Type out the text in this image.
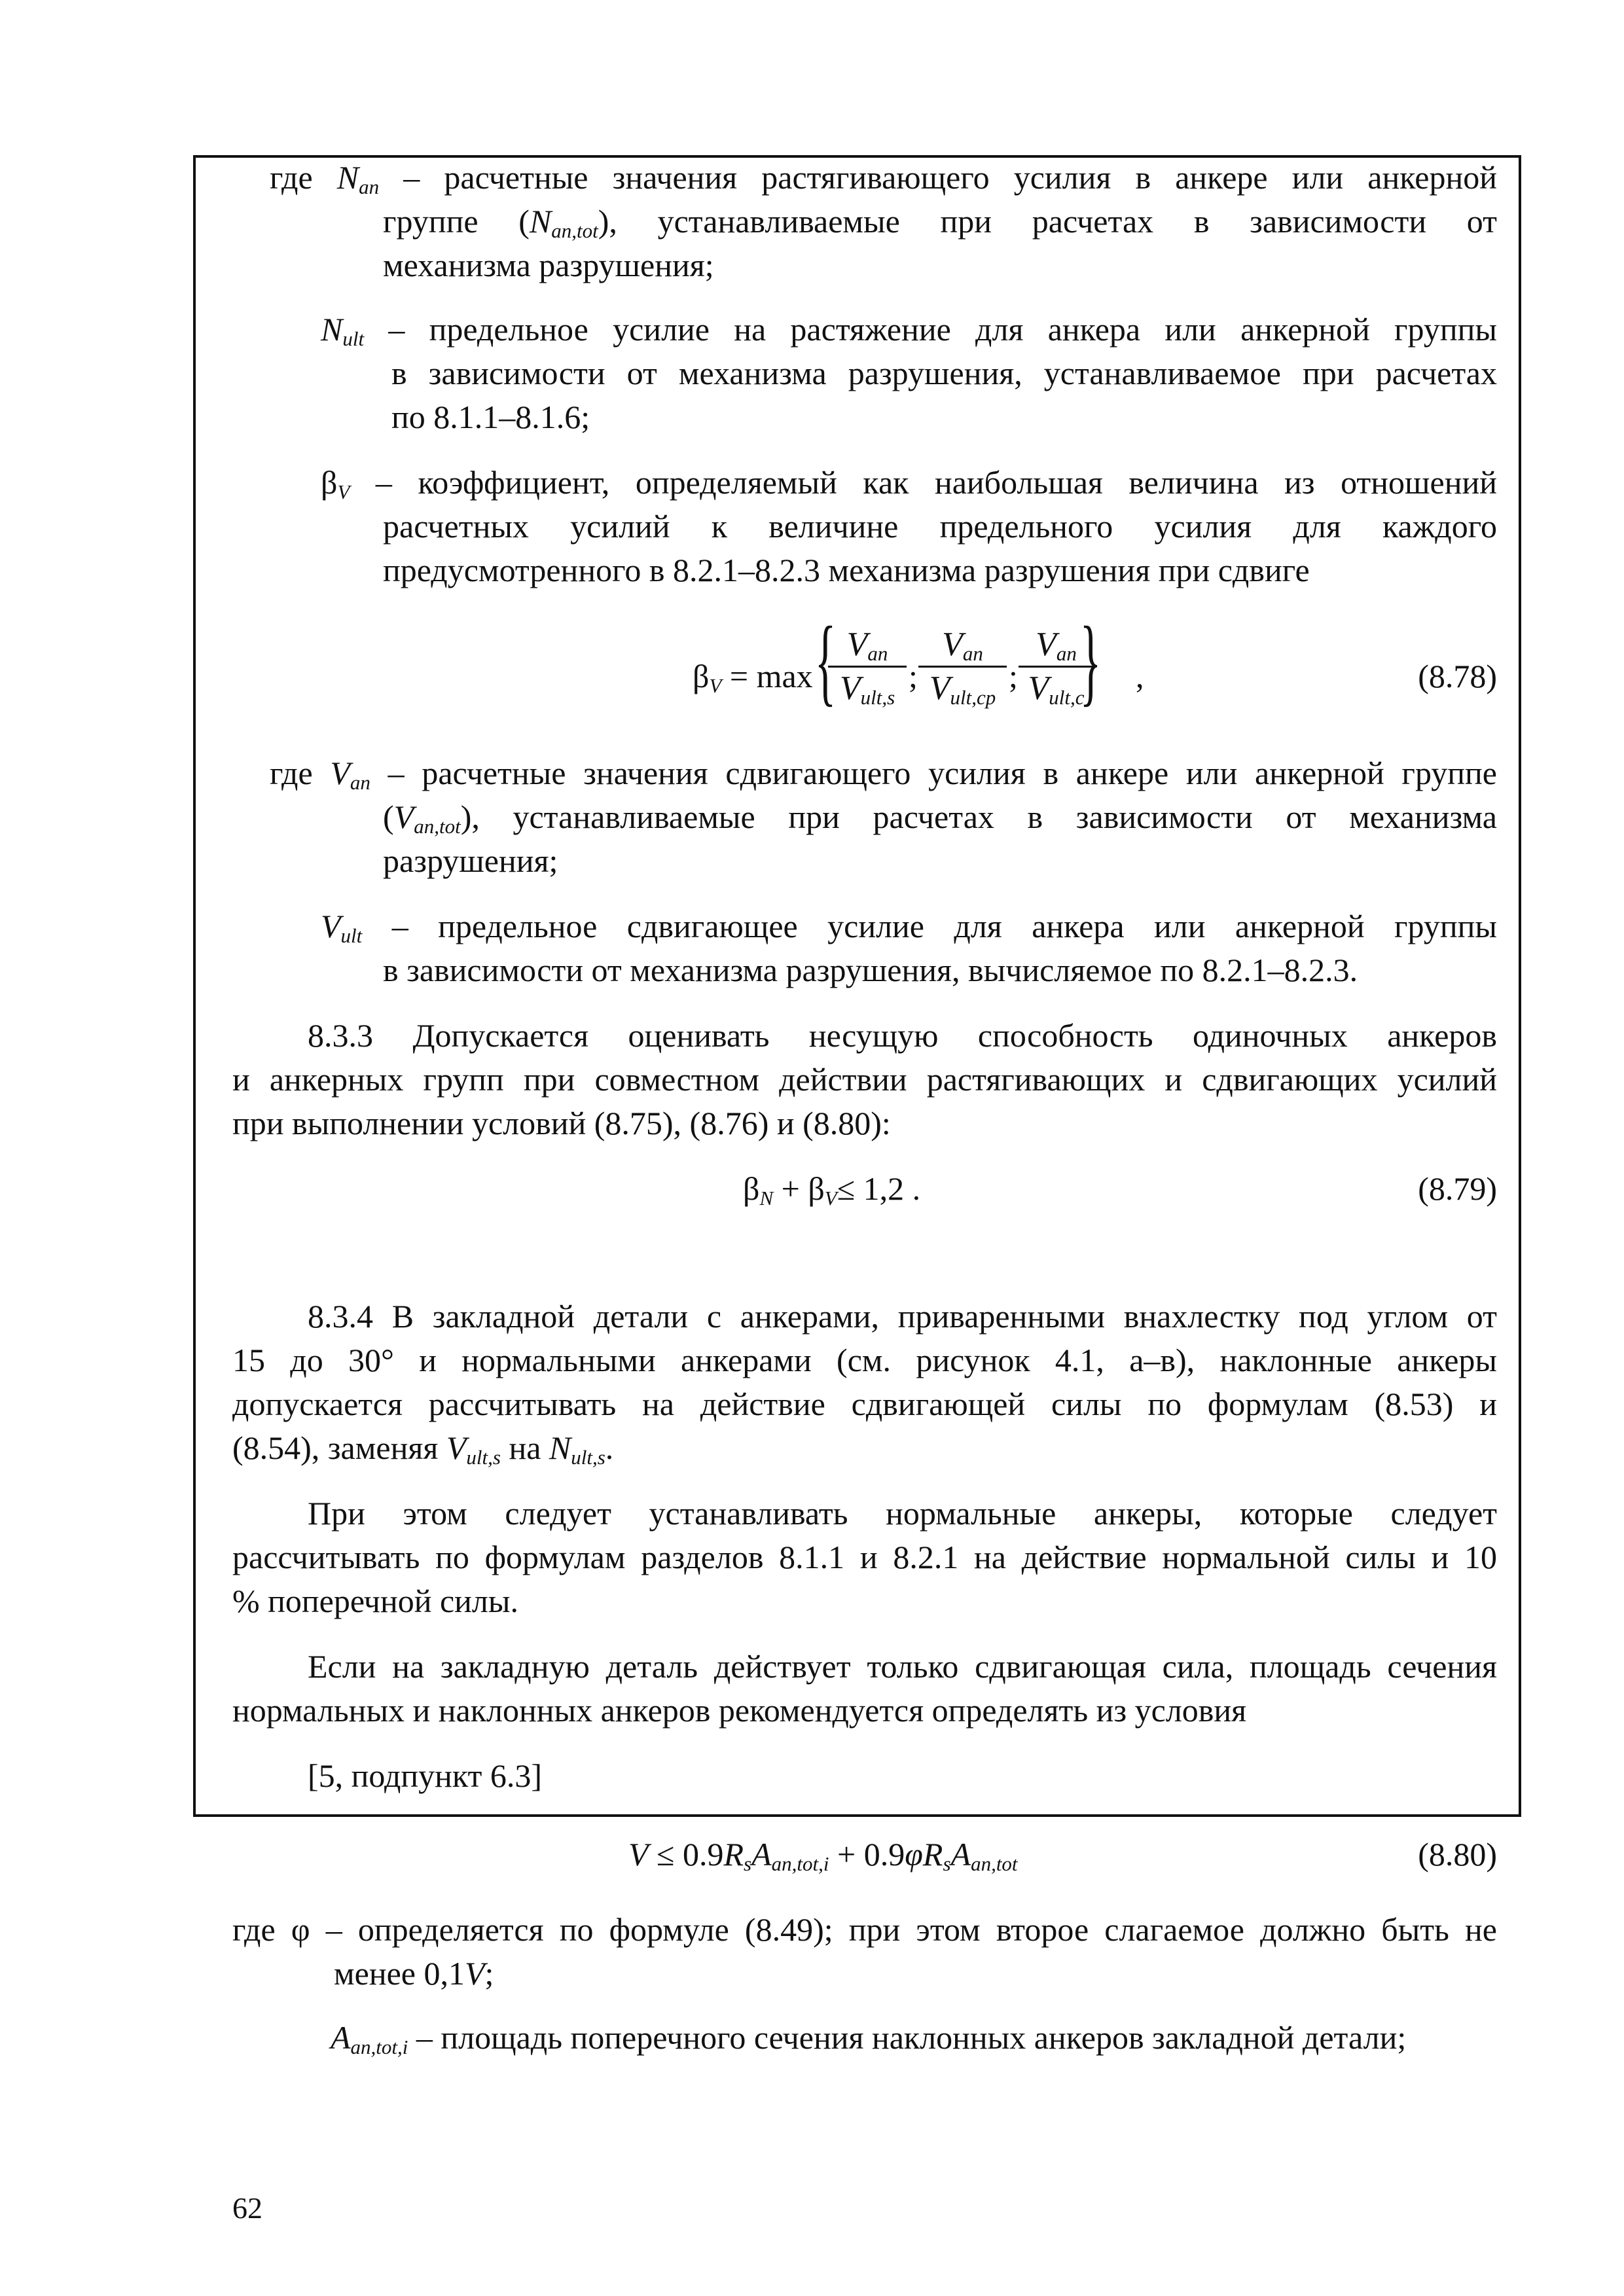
где $N_{an}$ – расчетные значения растягивающего усилия в анкере или анкерной
группе $(N_{an,tot})$, устанавливаемые при расчетах в зависимости от
механизма разрушения;
$N_{ult}$ – предельное усилие на растяжение для анкера или анкерной группы
в зависимости от механизма разрушения, устанавливаемое при расчетах
по 8.1.1–8.1.6;
$\beta_V$ – коэффициент, определяемый как наибольшая величина из отношений
расчетных усилий к величине предельного усилия для каждого
предусмотренного в 8.2.1–8.2.3 механизма разрушения при сдвиге
$\beta_V = \max$ { $V_{an}$
$V_{ult,s}$
;
$V_{an}$
$V_{ult,cp}$
;
$V_{an}$
$V_{ult,c}$
} ,	(8.78)
где $V_{an}$ – расчетные значения сдвигающего усилия в анкере или анкерной группе
$(V_{an,tot})$, устанавливаемые при расчетах в зависимости от механизма
разрушения;
$V_{ult}$ – предельное сдвигающее усилие для анкера или анкерной группы
в зависимости от механизма разрушения, вычисляемое по 8.2.1–8.2.3.
8.3.3 Допускается оценивать несущую способность одиночных анкеров
и анкерных групп при совместном действии растягивающих и сдвигающих усилий
при выполнении условий (8.75), (8.76) и (8.80):
$\beta_N + \beta_V\le 1,2$ .	(8.79)
8.3.4 В закладной детали с анкерами, приваренными внахлестку под углом от
15 до 30° и нормальными анкерами (см. рисунок 4.1, а–в), наклонные анкеры
допускается рассчитывать на действие сдвигающей силы по формулам (8.53) и
(8.54), заменяя $V_{ult,s}$ на $N_{ult,s}$.
При этом следует устанавливать нормальные анкеры, которые следует
рассчитывать по формулам разделов 8.1.1 и 8.2.1 на действие нормальной силы и 10
% поперечной силы.
Если на закладную деталь действует только сдвигающая сила, площадь сечения
нормальных и наклонных анкеров рекомендуется определять из условия
[5, подпункт 6.3]
$V \le 0.9R_sA_{an,tot,i} + 0.9\varphi R_sA_{an,tot}$	(8.80)
где φ – определяется по формуле (8.49); при этом второе слагаемое должно быть не
менее 0,1V;
$A_{an,tot,i}$ – площадь поперечного сечения наклонных анкеров закладной детали;
62
